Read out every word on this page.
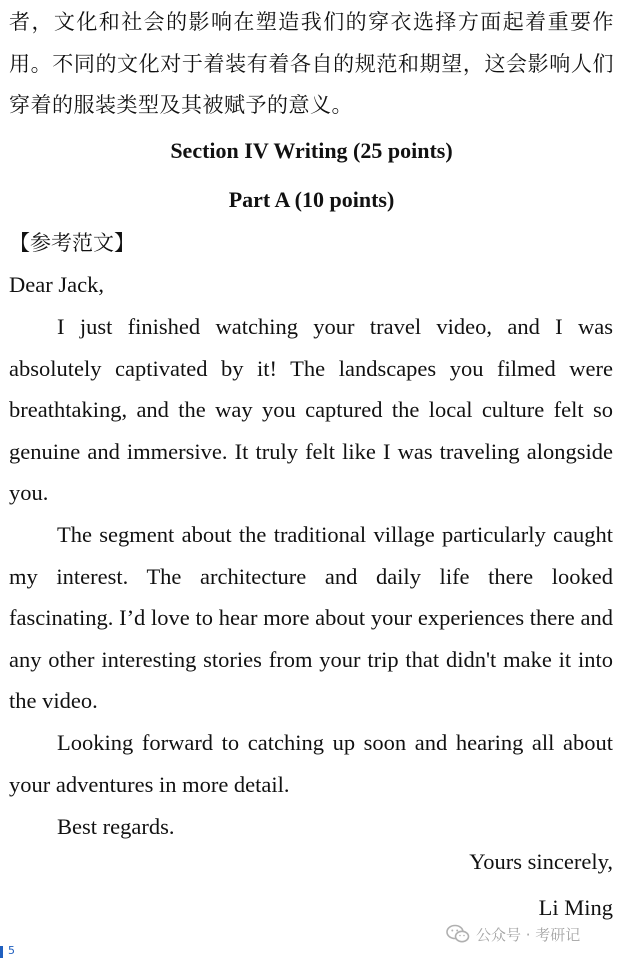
者，文化和社会的影响在塑造我们的穿衣选择方面起着重要作用。不同的文化对于着装有着各自的规范和期望，这会影响人们穿着的服装类型及其被赋予的意义。

Section IV Writing (25 points)
Part A (10 points)

【参考范文】

Dear Jack,

I just finished watching your travel video, and I was absolutely captivated by it! The landscapes you filmed were breathtaking, and the way you captured the local culture felt so genuine and immersive. It truly felt like I was traveling alongside you.

The segment about the traditional village particularly caught my interest. The architecture and daily life there looked fascinating. I’d love to hear more about your experiences there and any other interesting stories from your trip that didn't make it into the video.

Looking forward to catching up soon and hearing all about your adventures in more detail.

Best regards.

Yours sincerely,

Li Ming

公众号 · 考研记
5
